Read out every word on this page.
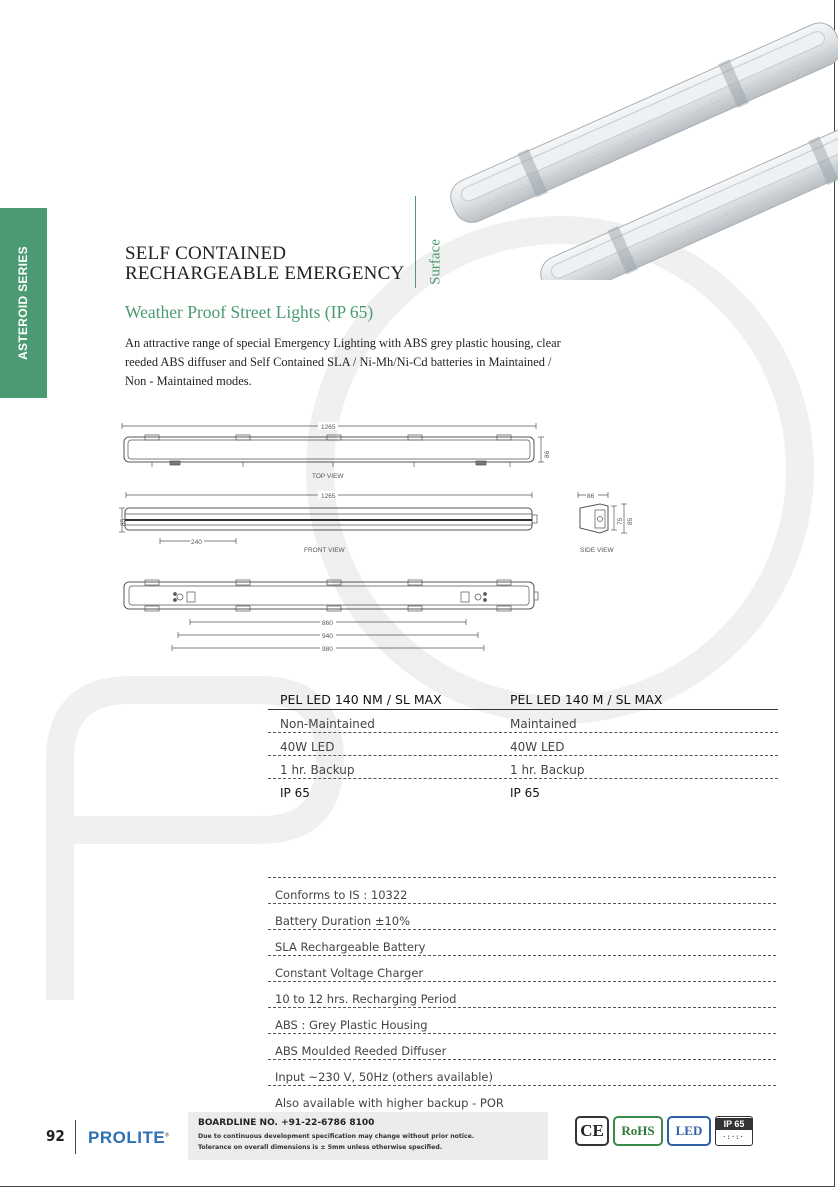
ASTEROID SERIES	SELF CONTAINED
RECHARGEABLE EMERGENCY Surface
Weather Proof Street Lights (IP 65)
An attractive range of special Emergency Lighting with ABS grey plastic housing, clear reeded ABS diffuser and Self Contained SLA / Ni-Mh/Ni-Cd batteries in Maintained / Non - Maintained modes.
1265
86
TOP VIEW
1265
85
240
FRONT VIEW
86
75 85
SIDE VIEW
860
940
980
PEL LED 140 NM / SL MAX	PEL LED 140 M / SL MAX
Non-Maintained	Maintained
40W LED	40W LED
1 hr. Backup	1 hr. Backup
IP 65	IP 65
Conforms to IS : 10322
Battery Duration ±10%
SLA Rechargeable Battery
Constant Voltage Charger
10 to 12 hrs. Recharging Period
ABS : Grey Plastic Housing
ABS Moulded Reeded Diffuser
Input ~230 V, 50Hz (others available)
Also available with higher backup - POR
92 PROLITE®
BOARDLINE NO. +91-22-6786 8100
Due to continuous development specification may change without prior notice.
Tolerance on overall dimensions is ± 5mm unless otherwise specified.
CE	RoHS	LED	IP 65
·:·:·
